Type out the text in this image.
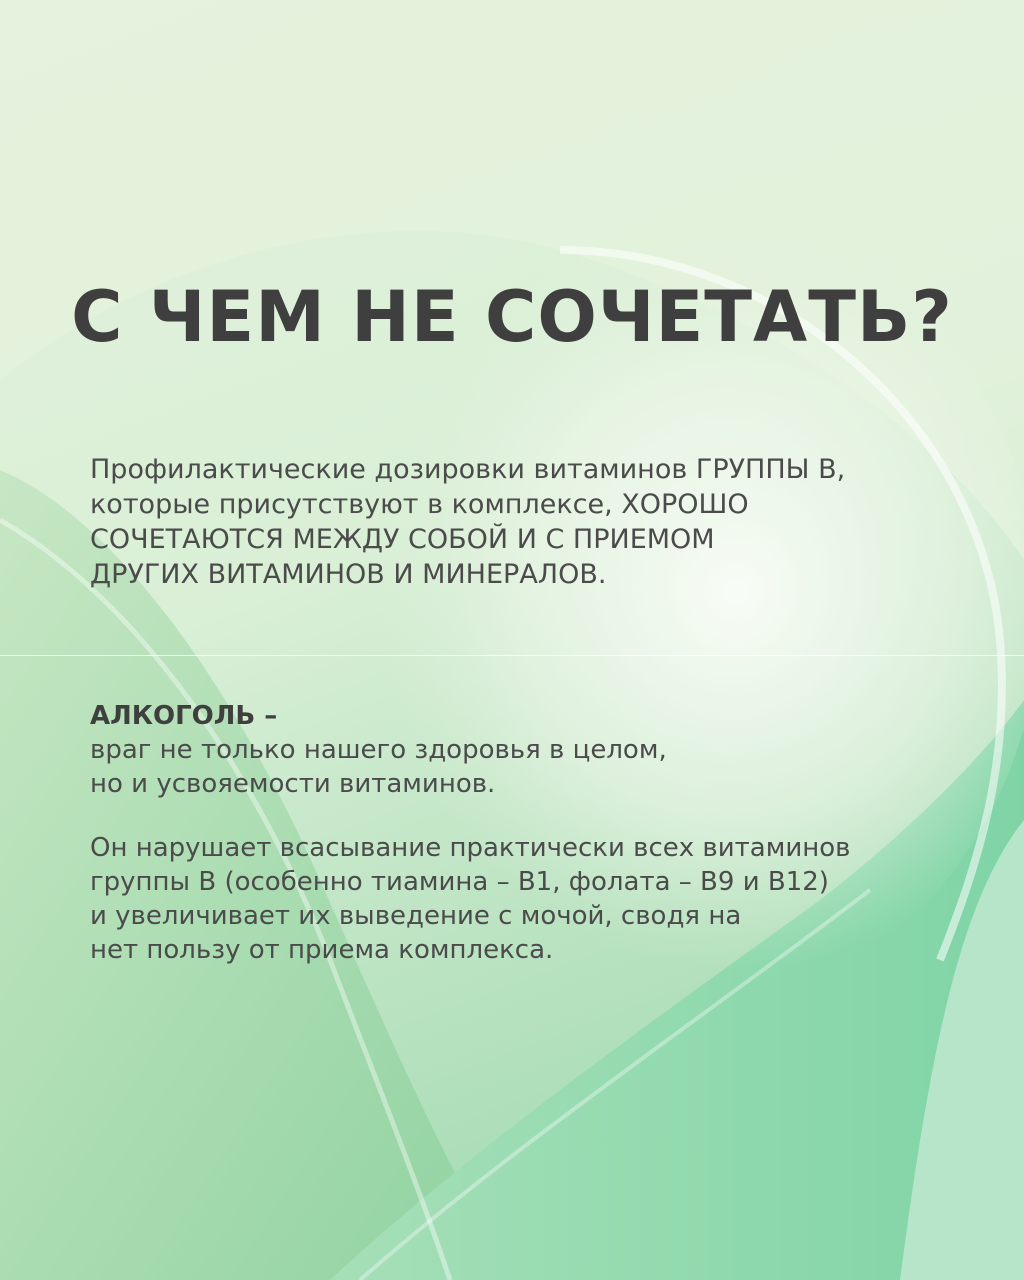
С ЧЕМ НЕ СОЧЕТАТЬ?

Профилактические дозировки витаминов ГРУППЫ В,
которые присутствуют в комплексе, ХОРОШО
СОЧЕТАЮТСЯ МЕЖДУ СОБОЙ И С ПРИЕМОМ
ДРУГИХ ВИТАМИНОВ И МИНЕРАЛОВ.

АЛКОГОЛЬ –

враг не только нашего здоровья в целом,
но и усвояемости витаминов.

Он нарушает всасывание практически всех витаминов
группы В (особенно тиамина – В1, фолата – В9 и В12)
и увеличивает их выведение с мочой, сводя на
нет пользу от приема комплекса.
